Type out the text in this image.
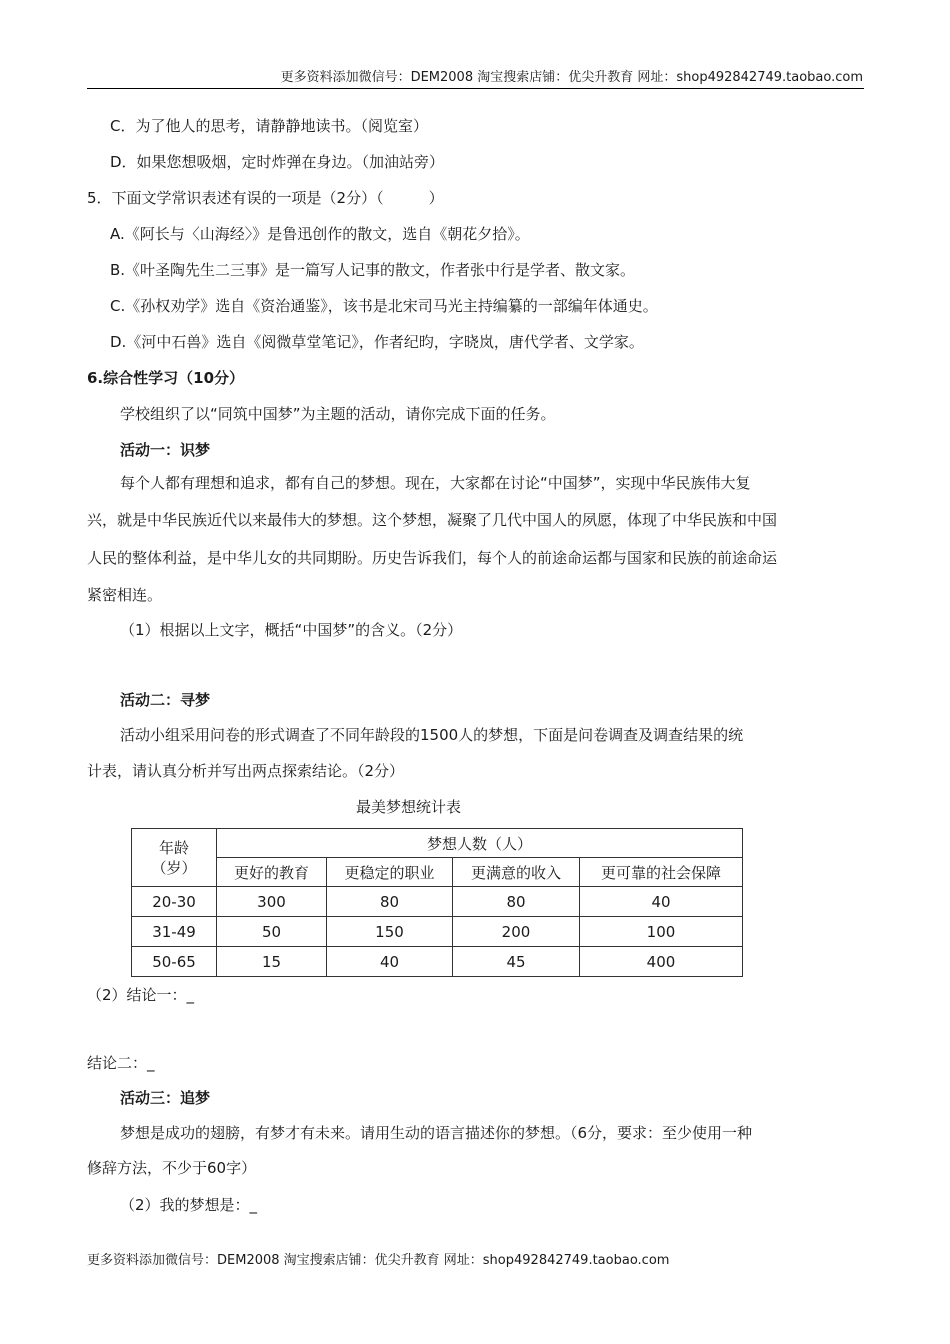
更多资料添加微信号：DEM2008 淘宝搜索店铺：优尖升教育 网址：shop492842749.taobao.com
C．为了他人的思考，请静静地读书。（阅览室）
D．如果您想吸烟，定时炸弹在身边。（加油站旁）
5．下面文学常识表述有误的一项是（2分）（　　　）
A.《阿长与〈山海经〉》是鲁迅创作的散文，选自《朝花夕拾》。
B.《叶圣陶先生二三事》是一篇写人记事的散文，作者张中行是学者、散文家。
C.《孙权劝学》选自《资治通鉴》，该书是北宋司马光主持编纂的一部编年体通史。
D.《河中石兽》选自《阅微草堂笔记》，作者纪昀，字晓岚，唐代学者、文学家。
6.综合性学习（10分）
学校组织了以“同筑中国梦”为主题的活动，请你完成下面的任务。
活动一：识梦
每个人都有理想和追求，都有自己的梦想。现在，大家都在讨论“中国梦”，实现中华民族伟大复
兴，就是中华民族近代以来最伟大的梦想。这个梦想，凝聚了几代中国人的夙愿，体现了中华民族和中国
人民的整体利益，是中华儿女的共同期盼。历史告诉我们，每个人的前途命运都与国家和民族的前途命运
紧密相连。
（1）根据以上文字，概括“中国梦”的含义。（2分）
活动二：寻梦
活动小组采用问卷的形式调查了不同年龄段的1500人的梦想，下面是问卷调查及调查结果的统
计表，请认真分析并写出两点探索结论。（2分）
最美梦想统计表
年龄
（岁）	梦想人数（人）			
	更好的教育	更稳定的职业	更满意的收入	更可靠的社会保障
20-30	300	80	80	40
31-49	50	150	200	100
50-65	15	40	45	400
（2）结论一：_
结论二：_
活动三：追梦
梦想是成功的翅膀，有梦才有未来。请用生动的语言描述你的梦想。（6分，要求：至少使用一种
修辞方法，不少于60字）
（2）我的梦想是：_
更多资料添加微信号：DEM2008 淘宝搜索店铺：优尖升教育 网址：shop492842749.taobao.com
